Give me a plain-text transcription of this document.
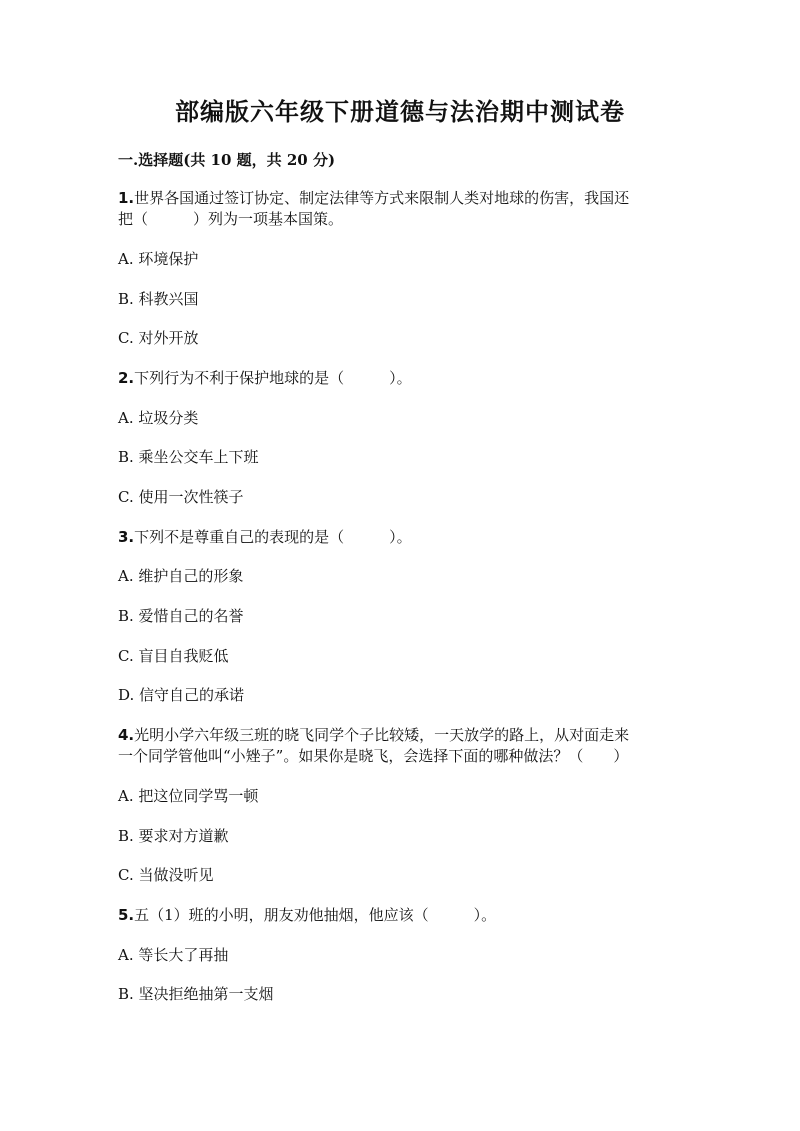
部编版六年级下册道德与法治期中测试卷
一.选择题(共 10 题，共 20 分)
1.世界各国通过签订协定、制定法律等方式来限制人类对地球的伤害，我国还
把（　　　）列为一项基本国策。
A. 环境保护
B. 科教兴国
C. 对外开放
2.下列行为不利于保护地球的是（　　　）。
A. 垃圾分类
B. 乘坐公交车上下班
C. 使用一次性筷子
3.下列不是尊重自己的表现的是（　　　）。
A. 维护自己的形象
B. 爱惜自己的名誉
C. 盲目自我贬低
D. 信守自己的承诺
4.光明小学六年级三班的晓飞同学个子比较矮，一天放学的路上，从对面走来
一个同学管他叫“小矬子”。如果你是晓飞，会选择下面的哪种做法？（　　）
A. 把这位同学骂一顿
B. 要求对方道歉
C. 当做没听见
5.五（1）班的小明，朋友劝他抽烟，他应该（　　　）。
A. 等长大了再抽
B. 坚决拒绝抽第一支烟
